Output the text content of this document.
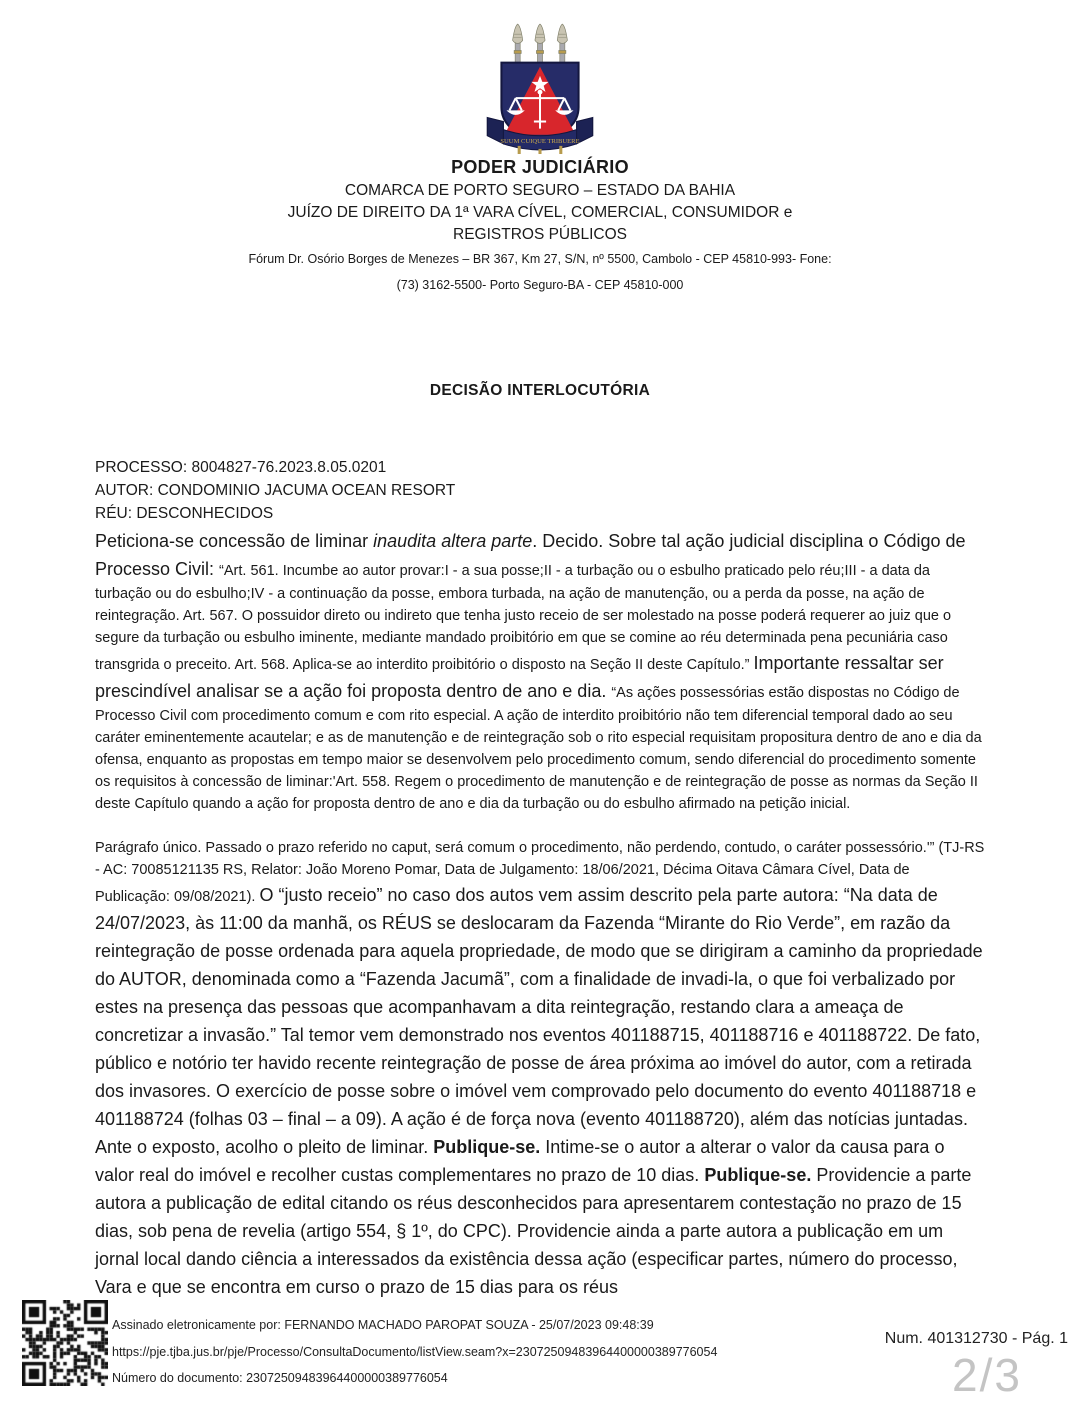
SUUM CUIQUE TRIBUERE
PODER JUDICIÁRIO
COMARCA DE PORTO SEGURO – ESTADO DA BAHIA
JUÍZO DE DIREITO DA 1ª VARA CÍVEL, COMERCIAL, CONSUMIDOR e
REGISTROS PÚBLICOS
Fórum Dr. Osório Borges de Menezes – BR 367, Km 27, S/N, nº 5500, Cambolo - CEP 45810-993- Fone:
(73) 3162-5500- Porto Seguro-BA - CEP 45810-000
DECISÃO INTERLOCUTÓRIA
PROCESSO: 8004827-76.2023.8.05.0201
AUTOR: CONDOMINIO JACUMA OCEAN RESORT
RÉU: DESCONHECIDOS

Peticiona-se concessão de liminar inaudita altera parte. Decido. Sobre tal ação judicial disciplina o Código de Processo Civil: “Art. 561. Incumbe ao autor provar:I - a sua posse;II - a turbação ou o esbulho praticado pelo réu;III - a data da turbação ou do esbulho;IV - a continuação da posse, embora turbada, na ação de manutenção, ou a perda da posse, na ação de reintegração. Art. 567. O possuidor direto ou indireto que tenha justo receio de ser molestado na posse poderá requerer ao juiz que o segure da turbação ou esbulho iminente, mediante mandado proibitório em que se comine ao réu determinada pena pecuniária caso transgrida o preceito. Art. 568. Aplica-se ao interdito proibitório o disposto na Seção II deste Capítulo.” Importante ressaltar ser prescindível analisar se a ação foi proposta dentro de ano e dia. “As ações possessórias estão dispostas no Código de Processo Civil com procedimento comum e com rito especial. A ação de interdito proibitório não tem diferencial temporal dado ao seu caráter eminentemente acautelar; e as de manutenção e de reintegração sob o rito especial requisitam propositura dentro de ano e dia da ofensa, enquanto as propostas em tempo maior se desenvolvem pelo procedimento comum, sendo diferencial do procedimento somente os requisitos à concessão de liminar:'Art. 558. Regem o procedimento de manutenção e de reintegração de posse as normas da Seção II deste Capítulo quando a ação for proposta dentro de ano e dia da turbação ou do esbulho afirmado na petição inicial.

Parágrafo único. Passado o prazo referido no caput, será comum o procedimento, não perdendo, contudo, o caráter possessório.'” (TJ-RS - AC: 70085121135 RS, Relator: João Moreno Pomar, Data de Julgamento: 18/06/2021, Décima Oitava Câmara Cível, Data de Publicação: 09/08/2021). O “justo receio” no caso dos autos vem assim descrito pela parte autora: “Na data de 24/07/2023, às 11:00 da manhã, os RÉUS se deslocaram da Fazenda “Mirante do Rio Verde”, em razão da reintegração de posse ordenada para aquela propriedade, de modo que se dirigiram a caminho da propriedade do AUTOR, denominada como a “Fazenda Jacumã”, com a finalidade de invadi-la, o que foi verbalizado por estes na presença das pessoas que acompanhavam a dita reintegração, restando clara a ameaça de concretizar a invasão.” Tal temor vem demonstrado nos eventos 401188715, 401188716 e 401188722. De fato, público e notório ter havido recente reintegração de posse de área próxima ao imóvel do autor, com a retirada dos invasores. O exercício de posse sobre o imóvel vem comprovado pelo documento do evento 401188718 e 401188724 (folhas 03 – final – a 09). A ação é de força nova (evento 401188720), além das notícias juntadas. Ante o exposto, acolho o pleito de liminar. Publique-se. Intime-se o autor a alterar o valor da causa para o valor real do imóvel e recolher custas complementares no prazo de 10 dias. Publique-se. Providencie a parte autora a publicação de edital citando os réus desconhecidos para apresentarem contestação no prazo de 15 dias, sob pena de revelia (artigo 554, § 1º, do CPC). Providencie ainda a parte autora a publicação em um jornal local dando ciência a interessados da existência dessa ação (especificar partes, número do processo, Vara e que se encontra em curso o prazo de 15 dias para os réus

Assinado eletronicamente por: FERNANDO MACHADO PAROPAT SOUZA - 25/07/2023 09:48:39
https://pje.tjba.jus.br/pje/Processo/ConsultaDocumento/listView.seam?x=23072509483964400000389776054
Número do documento: 23072509483964400000389776054
Num. 401312730 - Pág. 1
2/3
